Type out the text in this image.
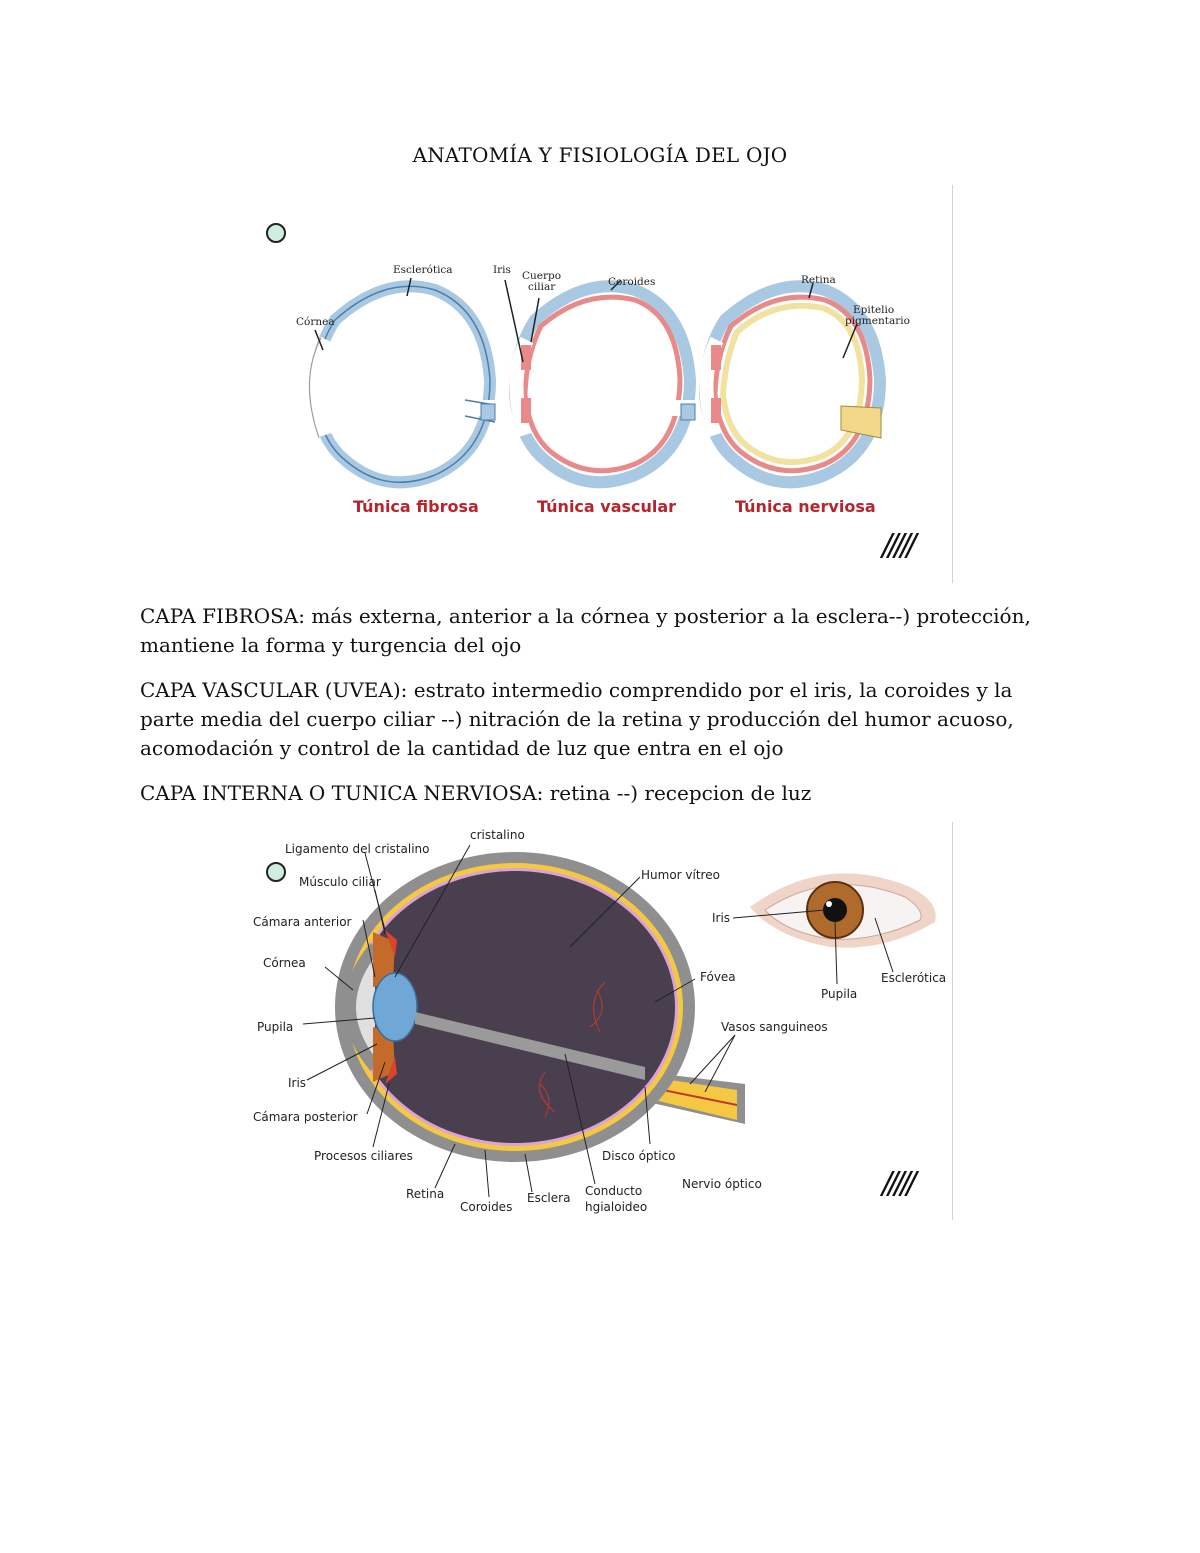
ANATOMÍA Y FISIOLOGÍA DEL OJO
Esclerótica
Córnea
Túnica fibrosa
Iris Cuerpo
ciliar	Coroides
Túnica vascular
Retina
Epitelio
pigmentario
Túnica nerviosa
/////
CAPA FIBROSA: más externa, anterior a la córnea y posterior a la esclera--) protección, mantiene la forma y turgencia del ojo
CAPA VASCULAR (UVEA): estrato intermedio comprendido por el iris, la coroides y la parte media del cuerpo ciliar --) nitración de la retina y producción del humor acuoso, acomodación y control de la cantidad de luz que entra en el ojo
CAPA INTERNA O TUNICA NERVIOSA: retina --) recepcion de luz
cristalino
Ligamento del cristalino
Músculo ciliar
Cámara anterior
Córnea
Pupila
Iris
Cámara posterior
Procesos ciliares
Retina
Coroides
Esclera Conducto
hgialoideo
Humor vítreo
Fóvea
Vasos sanguineos
Disco óptico
Nervio óptico
Iris
Pupila
Esclerótica
/////
